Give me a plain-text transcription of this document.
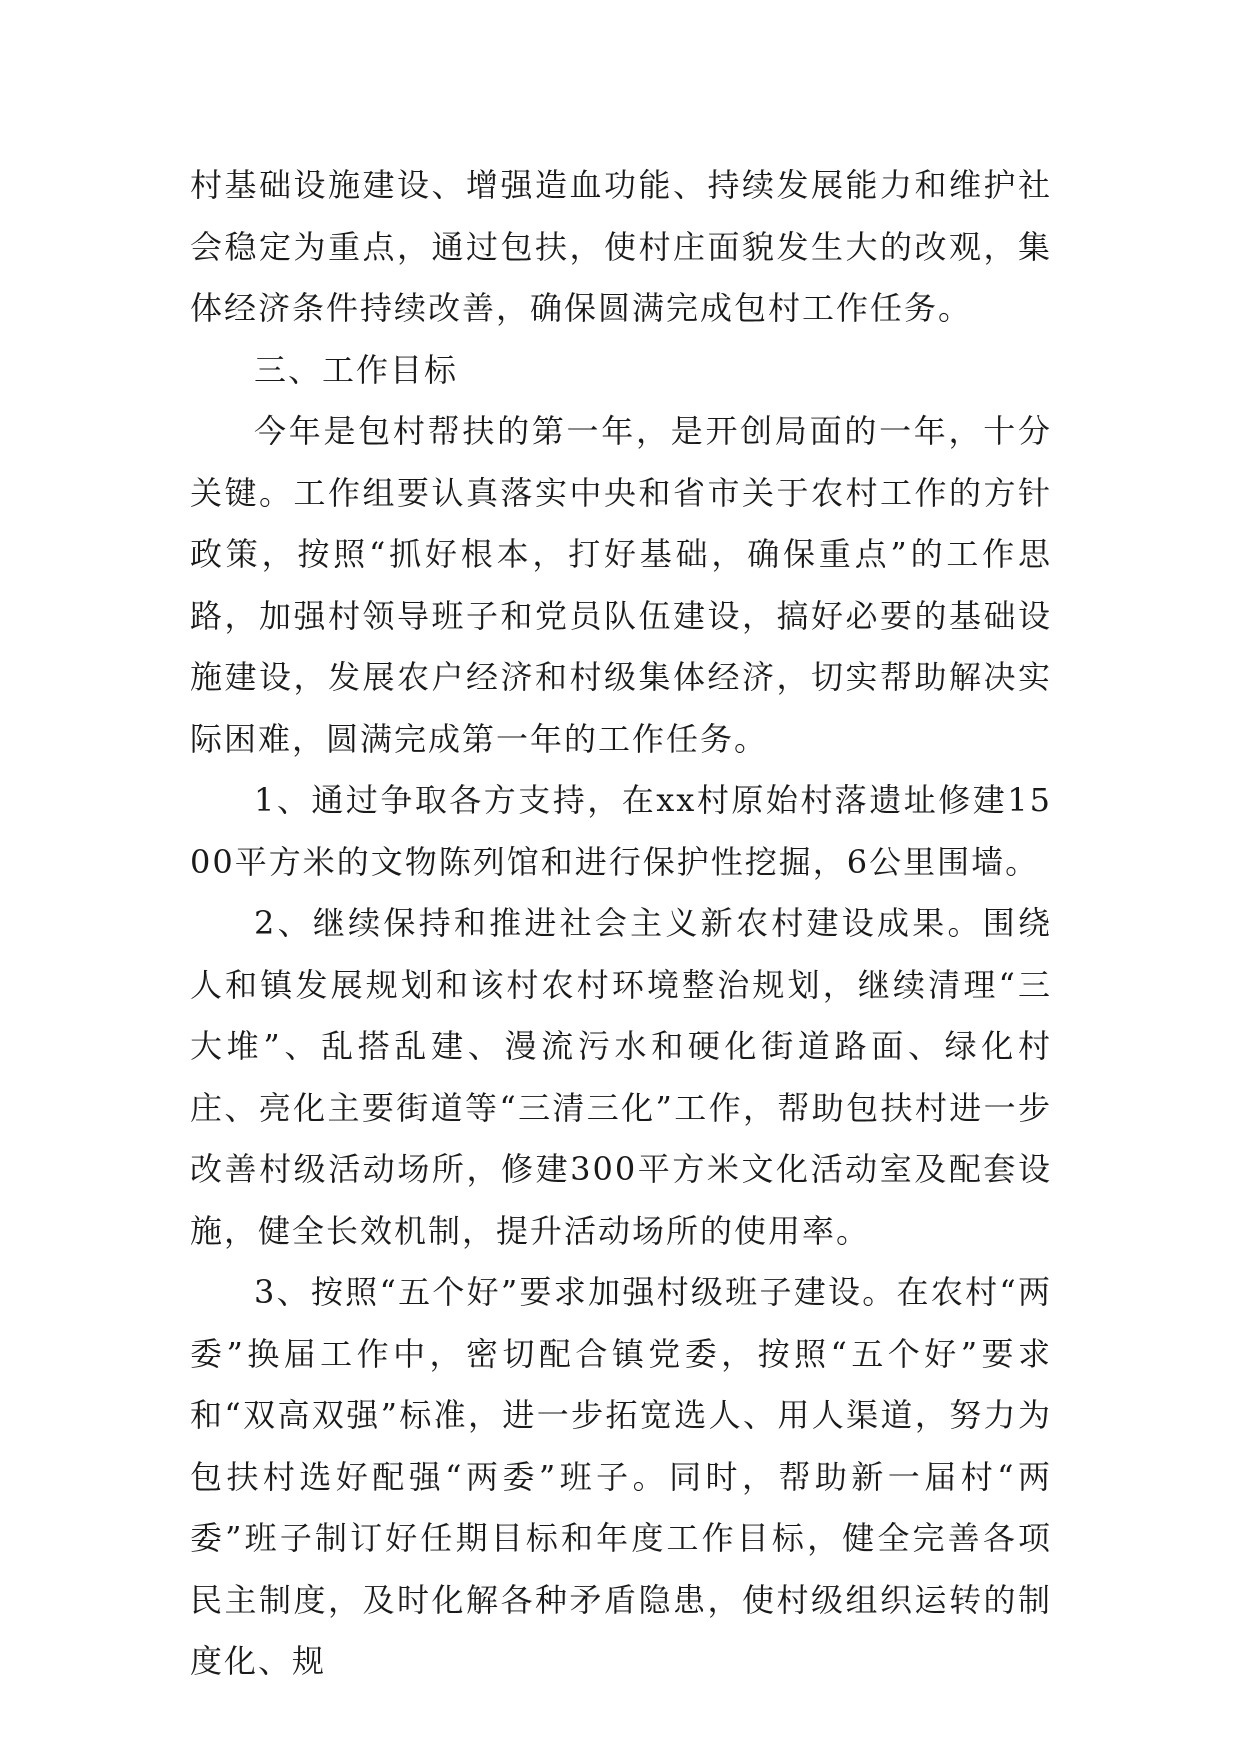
村基础设施建设、增强造血功能、持续发展能力和维护社会稳定为重点，通过包扶，使村庄面貌发生大的改观，集体经济条件持续改善，确保圆满完成包村工作任务。

三、工作目标

今年是包村帮扶的第一年，是开创局面的一年，十分关键。工作组要认真落实中央和省市关于农村工作的方针政策，按照“抓好根本，打好基础，确保重点”的工作思路，加强村领导班子和党员队伍建设，搞好必要的基础设施建设，发展农户经济和村级集体经济，切实帮助解决实际困难，圆满完成第一年的工作任务。

1、通过争取各方支持，在xx村原始村落遗址修建1500平方米的文物陈列馆和进行保护性挖掘，6公里围墙。

2、继续保持和推进社会主义新农村建设成果。围绕人和镇发展规划和该村农村环境整治规划，继续清理“三大堆”、乱搭乱建、漫流污水和硬化街道路面、绿化村庄、亮化主要街道等“三清三化”工作，帮助包扶村进一步改善村级活动场所，修建300平方米文化活动室及配套设施，健全长效机制，提升活动场所的使用率。

3、按照“五个好”要求加强村级班子建设。在农村“两委”换届工作中，密切配合镇党委，按照“五个好”要求和“双高双强”标准，进一步拓宽选人、用人渠道，努力为包扶村选好配强“两委”班子。同时，帮助新一届村“两委”班子制订好任期目标和年度工作目标，健全完善各项民主制度，及时化解各种矛盾隐患，使村级组织运转的制度化、规
